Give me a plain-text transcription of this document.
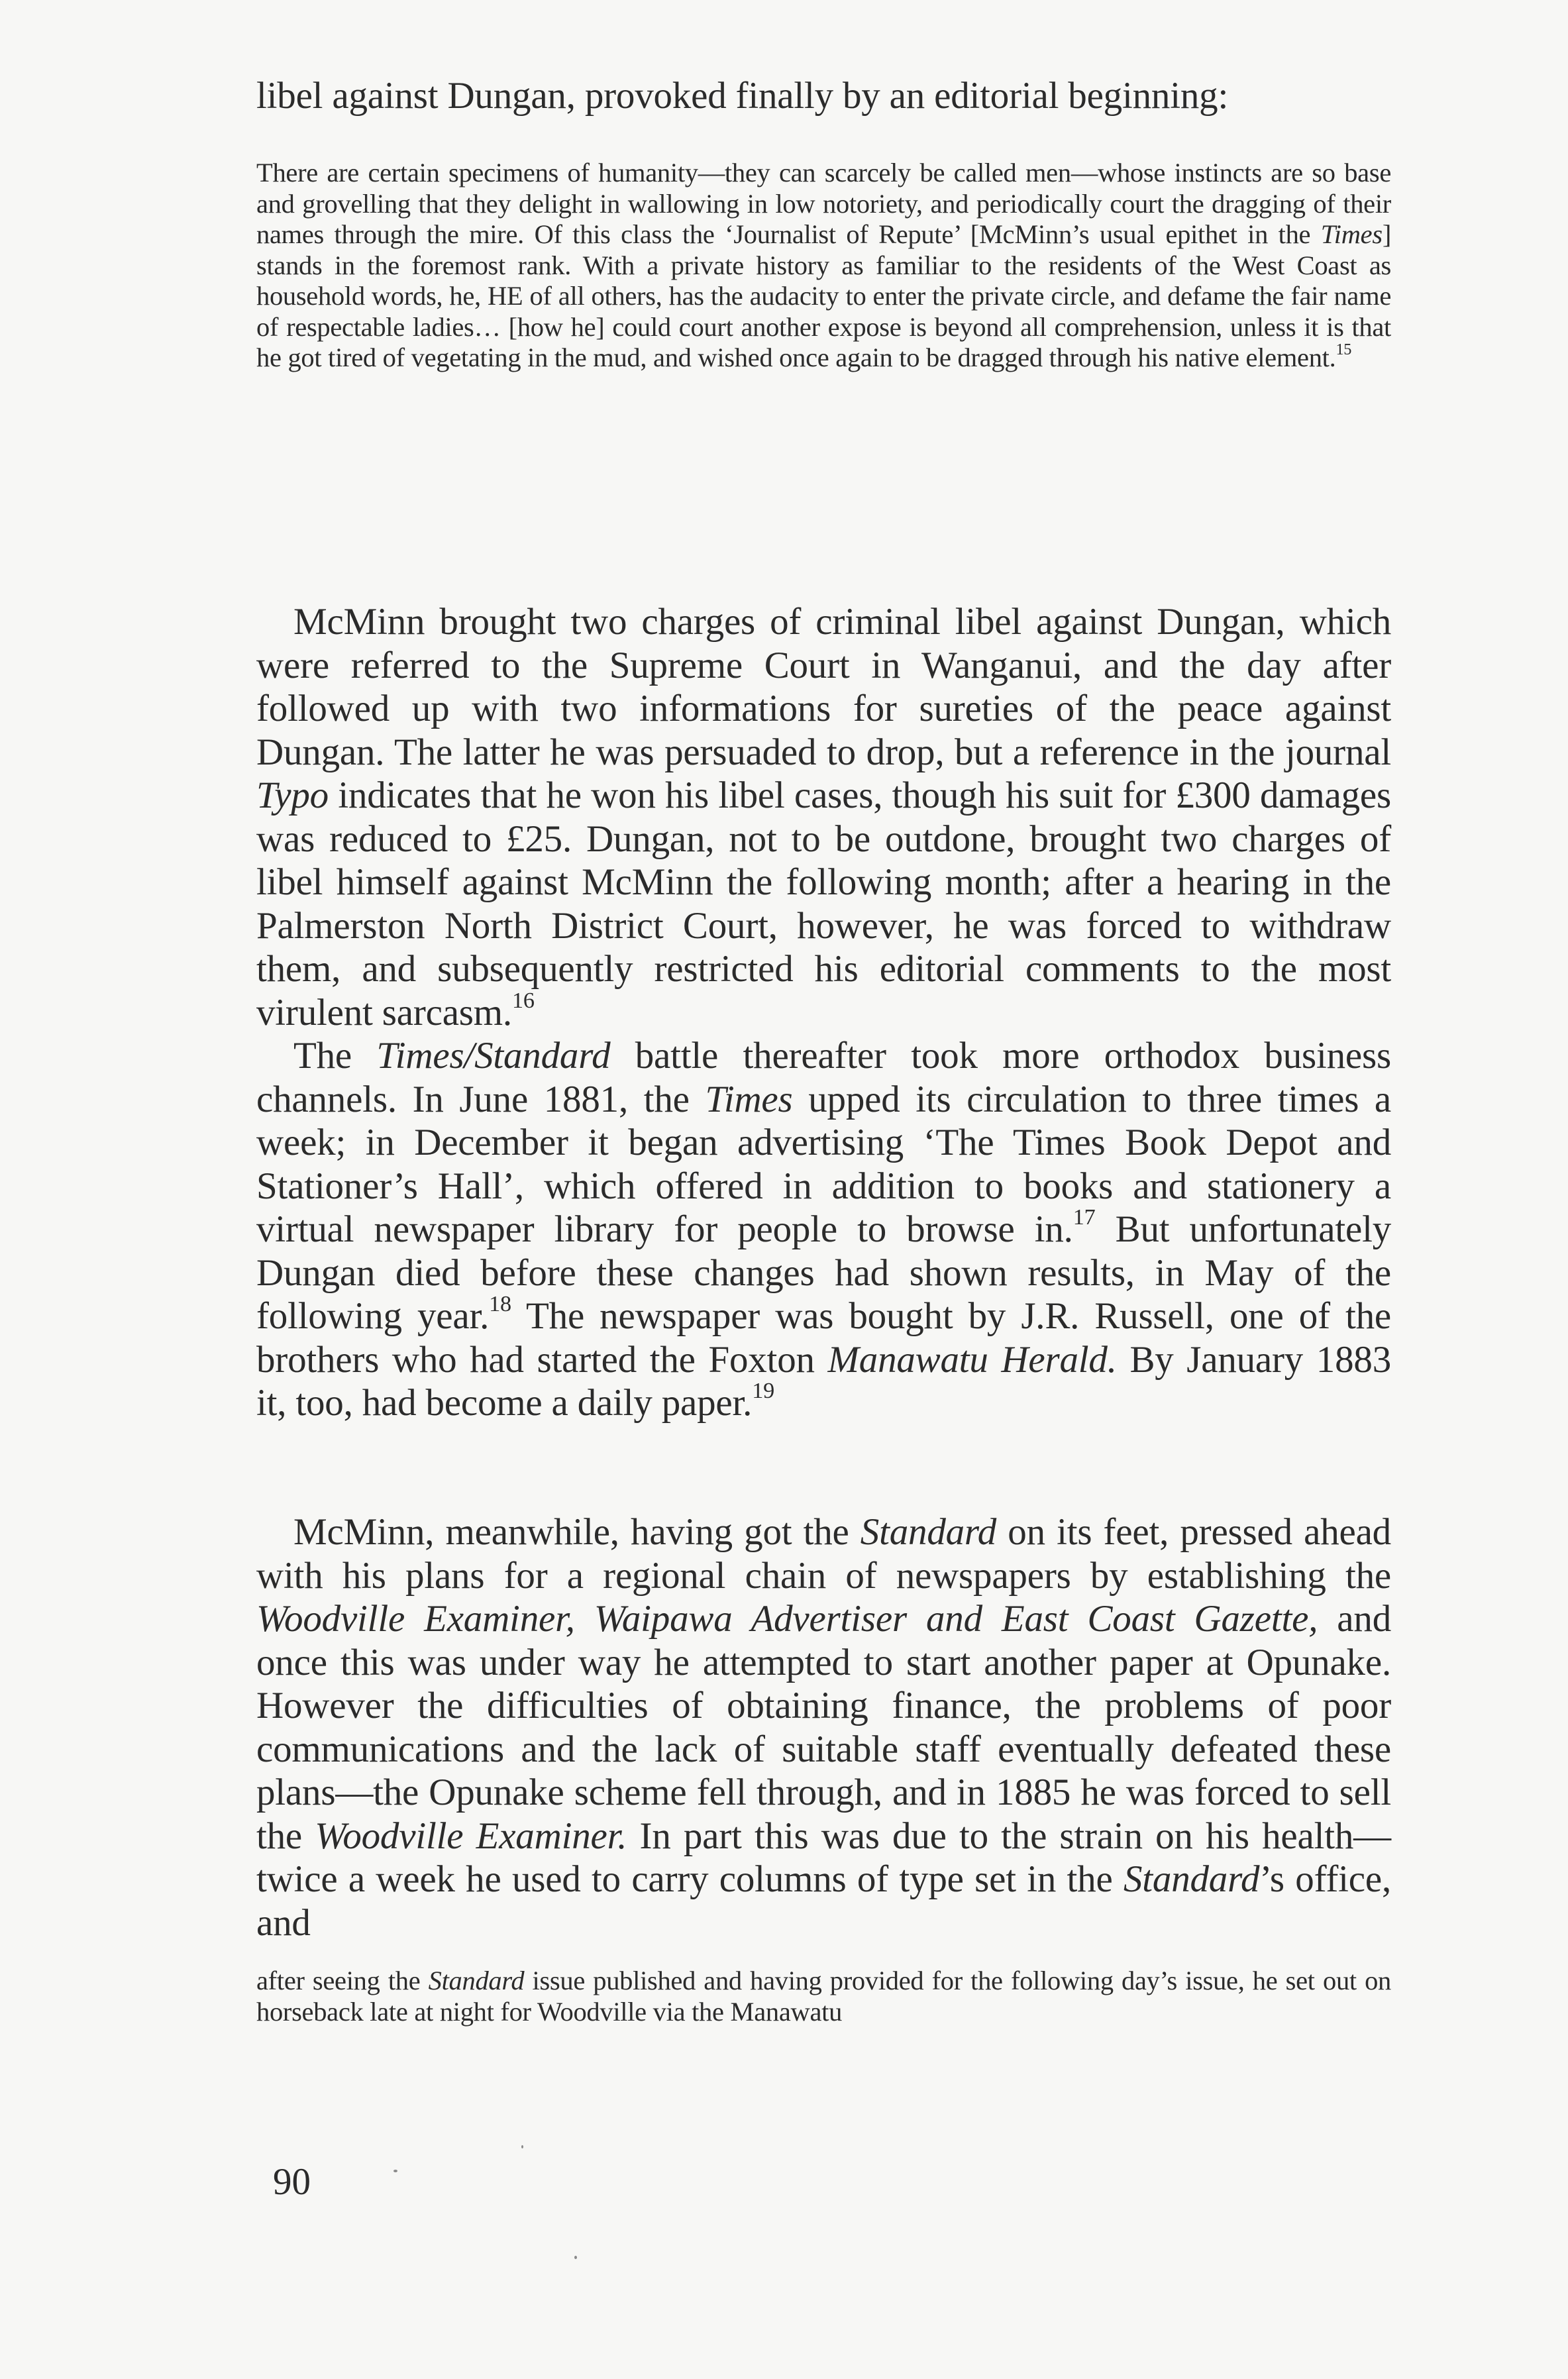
libel against Dungan, provoked finally by an editorial beginning:

There are certain specimens of humanity—they can scarcely be called men—whose instincts are so base and grovelling that they delight in wallowing in low notoriety, and periodically court the dragging of their names through the mire. Of this class the ‘Journalist of Repute’ [McMinn’s usual epithet in the Times] stands in the foremost rank. With a private history as familiar to the residents of the West Coast as household words, he, HE of all others, has the audacity to enter the private circle, and defame the fair name of respectable ladies… [how he] could court another expose is beyond all comprehension, unless it is that he got tired of vegetating in the mud, and wished once again to be dragged through his native element.$^{15}$

McMinn brought two charges of criminal libel against Dungan, which were referred to the Supreme Court in Wanganui, and the day after followed up with two informations for sureties of the peace against Dungan. The latter he was persuaded to drop, but a reference in the journal Typo indicates that he won his libel cases, though his suit for £300 damages was reduced to £25. Dungan, not to be outdone, brought two charges of libel himself against McMinn the following month; after a hearing in the Palmerston North District Court, however, he was forced to withdraw them, and subsequently restricted his editorial comments to the most virulent sarcasm.$^{16}$

The Times/Standard battle thereafter took more orthodox business channels. In June 1881, the Times upped its circulation to three times a week; in December it began advertising ‘The Times Book Depot and Stationer’s Hall’, which offered in addition to books and stationery a virtual newspaper library for people to browse in.$^{17}$ But unfortunately Dungan died before these changes had shown results, in May of the following year.$^{18}$ The newspaper was bought by J.R. Russell, one of the brothers who had started the Foxton Manawatu Herald. By January 1883 it, too, had become a daily paper.$^{19}$

McMinn, meanwhile, having got the Standard on its feet, pressed ahead with his plans for a regional chain of newspapers by establishing the Woodville Examiner, Waipawa Advertiser and East Coast Gazette, and once this was under way he attempted to start another paper at Opunake. However the difficulties of obtaining finance, the problems of poor communications and the lack of suitable staff eventually defeated these plans—the Opunake scheme fell through, and in 1885 he was forced to sell the Woodville Examiner. In part this was due to the strain on his health—twice a week he used to carry columns of type set in the Standard’s office, and

after seeing the Standard issue published and having provided for the following day’s issue, he set out on horseback late at night for Woodville via the Manawatu

90
